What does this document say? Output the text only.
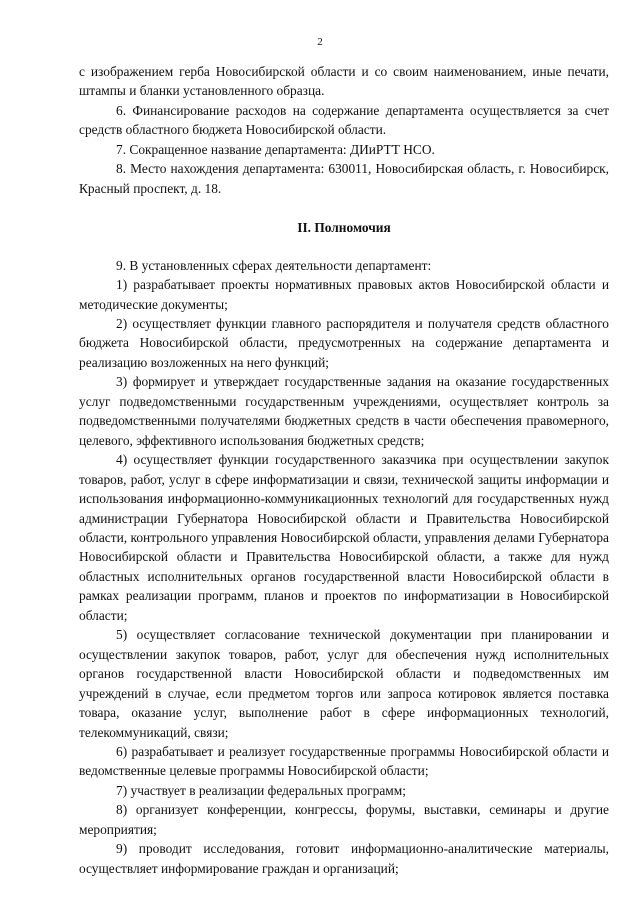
2

с изображением герба Новосибирской области и со своим наименованием, иные печати, штампы и бланки установленного образца.

6. Финансирование расходов на содержание департамента осуществляется за счет средств областного бюджета Новосибирской области.

7. Сокращенное название департамента: ДИиРТТ НСО.

8. Место нахождения департамента: 630011, Новосибирская область, г. Новосибирск, Красный проспект, д. 18.

II. Полномочия

9. В установленных сферах деятельности департамент:

1) разрабатывает проекты нормативных правовых актов Новосибирской области и методические документы;

2) осуществляет функции главного распорядителя и получателя средств областного бюджета Новосибирской области, предусмотренных на содержание департамента и реализацию возложенных на него функций;

3) формирует и утверждает государственные задания на оказание государственных услуг подведомственными государственным учреждениями, осуществляет контроль за подведомственными получателями бюджетных средств в части обеспечения правомерного, целевого, эффективного использования бюджетных средств;

4) осуществляет функции государственного заказчика при осуществлении закупок товаров, работ, услуг в сфере информатизации и связи, технической защиты информации и использования информационно-коммуникационных технологий для государственных нужд администрации Губернатора Новосибирской области и Правительства Новосибирской области, контрольного управления Новосибирской области, управления делами Губернатора Новосибирской области и Правительства Новосибирской области, а также для нужд областных исполнительных органов государственной власти Новосибирской области в рамках реализации программ, планов и проектов по информатизации в Новосибирской области;

5) осуществляет согласование технической документации при планировании и осуществлении закупок товаров, работ, услуг для обеспечения нужд исполнительных органов государственной власти Новосибирской области и подведомственных им учреждений в случае, если предметом торгов или запроса котировок является поставка товара, оказание услуг, выполнение работ в сфере информационных технологий, телекоммуникаций, связи;

6) разрабатывает и реализует государственные программы Новосибирской области и ведомственные целевые программы Новосибирской области;

7) участвует в реализации федеральных программ;

8) организует конференции, конгрессы, форумы, выставки, семинары и другие мероприятия;

9) проводит исследования, готовит информационно-аналитические материалы, осуществляет информирование граждан и организаций;
